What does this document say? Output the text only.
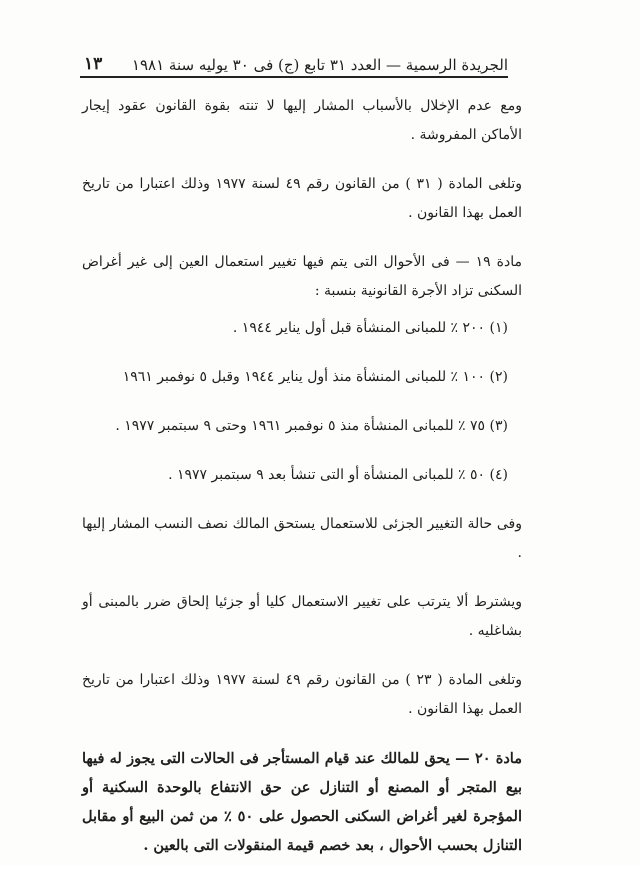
الجريدة الرسمية — العدد ٣١ تابع (ج) فى ٣٠ يوليه سنة ١٩٨١
١٣

ومع عدم الإخلال بالأسباب المشار إليها لا تنته بقوة القانون عقود إيجار الأماكن المفروشة .

وتلغى المادة ( ٣١ ) من القانون رقم ٤٩ لسنة ١٩٧٧ وذلك اعتبارا من تاريخ العمل بهذا القانون .

مادة ١٩ — فى الأحوال التى يتم فيها تغيير استعمال العين إلى غير أغراض السكنى تزاد الأجرة القانونية بنسبة :

(١) ٢٠٠ ٪ للمبانى المنشأة قبل أول يناير ١٩٤٤ .
(٢) ١٠٠ ٪ للمبانى المنشأة منذ أول يناير ١٩٤٤ وقبل ٥ نوفمبر ١٩٦١
(٣) ٧٥ ٪ للمبانى المنشأة منذ ٥ نوفمبر ١٩٦١ وحتى ٩ سبتمبر ١٩٧٧ .
(٤) ٥٠ ٪ للمبانى المنشأة أو التى تنشأ بعد ٩ سبتمبر ١٩٧٧ .

وفى حالة التغيير الجزئى للاستعمال يستحق المالك نصف النسب المشار إليها .

ويشترط ألا يترتب على تغيير الاستعمال كليا أو جزئيا إلحاق ضرر بالمبنى أو بشاغليه .

وتلغى المادة ( ٢٣ ) من القانون رقم ٤٩ لسنة ١٩٧٧ وذلك اعتبارا من تاريخ العمل بهذا القانون .

مادة ٢٠ — يحق للمالك عند قيام المستأجر فى الحالات التى يجوز له فيها بيع المتجر أو المصنع أو التنازل عن حق الانتفاع بالوحدة السكنية أو المؤجرة لغير أغراض السكنى الحصول على ٥٠ ٪ من ثمن البيع أو مقابل التنازل بحسب الأحوال ، بعد خصم قيمة المنقولات التى بالعين .
